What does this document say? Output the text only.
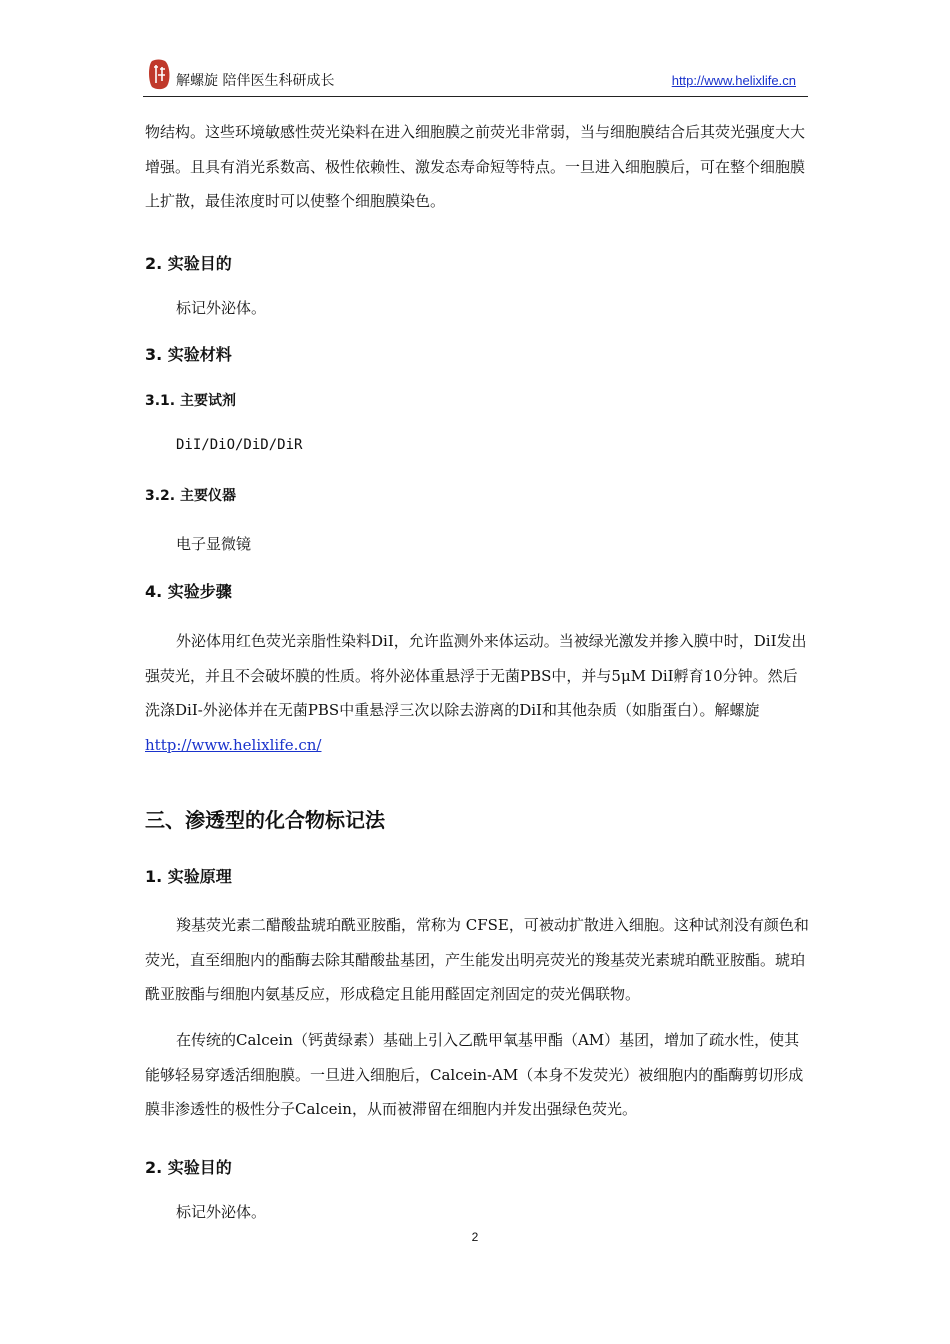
解螺旋 陪伴医生科研成长	http://www.helixlife.cn
物结构。这些环境敏感性荧光染料在进入细胞膜之前荧光非常弱，当与细胞膜结合后其荧光强度大大增强。且具有消光系数高、极性依赖性、激发态寿命短等特点。一旦进入细胞膜后，可在整个细胞膜上扩散，最佳浓度时可以使整个细胞膜染色。
2. 实验目的
标记外泌体。
3. 实验材料
3.1. 主要试剂
DiI/DiO/DiD/DiR
3.2. 主要仪器
电子显微镜
4. 实验步骤
外泌体用红色荧光亲脂性染料DiI，允许监测外来体运动。当被绿光激发并掺入膜中时，DiI发出强荧光，并且不会破坏膜的性质。将外泌体重悬浮于无菌PBS中，并与5μM DiI孵育10分钟。然后洗涤DiI-外泌体并在无菌PBS中重悬浮三次以除去游离的DiI和其他杂质（如脂蛋白）。解螺旋 http://www.helixlife.cn/
三、渗透型的化合物标记法
1. 实验原理
羧基荧光素二醋酸盐琥珀酰亚胺酯，常称为 CFSE，可被动扩散进入细胞。这种试剂没有颜色和荧光，直至细胞内的酯酶去除其醋酸盐基团，产生能发出明亮荧光的羧基荧光素琥珀酰亚胺酯。琥珀酰亚胺酯与细胞内氨基反应，形成稳定且能用醛固定剂固定的荧光偶联物。
在传统的Calcein（钙黄绿素）基础上引入乙酰甲氧基甲酯（AM）基团，增加了疏水性，使其能够轻易穿透活细胞膜。一旦进入细胞后，Calcein-AM（本身不发荧光）被细胞内的酯酶剪切形成膜非渗透性的极性分子Calcein，从而被滞留在细胞内并发出强绿色荧光。
2. 实验目的
标记外泌体。
2
